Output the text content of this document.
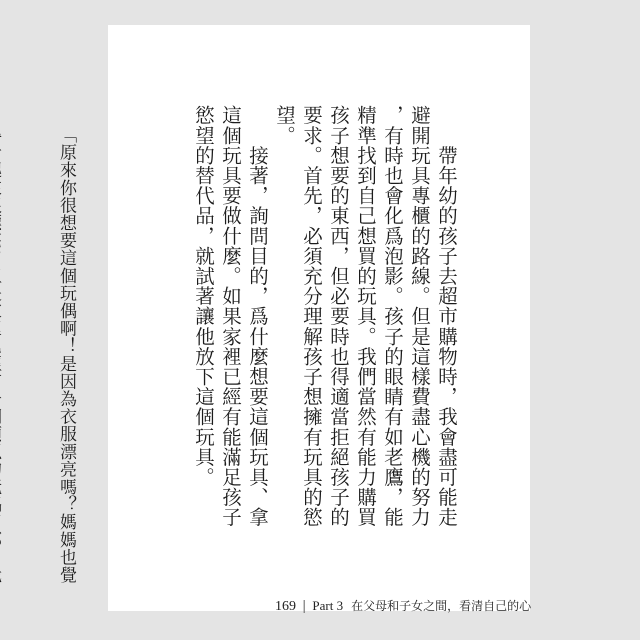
　　帶年幼的孩子去超市購物時，我會盡可能走
避開玩具專櫃的路線。但是這樣費盡心機的努力
，有時也會化爲泡影。孩子的眼睛有如老鷹，能
精準找到自己想買的玩具。我們當然有能力購買
孩子想要的東西，但必要時也得適當拒絕孩子的
要求。首先，必須充分理解孩子想擁有玩具的慾
望。

　　接著，詢問目的，爲什麼想要這個玩具、拿
這個玩具要做什麼。如果家裡已經有能滿足孩子
慾望的替代品，就試著讓他放下這個玩具。

「原來你很想要這個玩偶啊！是因為衣服漂亮嗎？媽媽也覺

169 | Part 3 在父母和子女之間，看清自己的心
